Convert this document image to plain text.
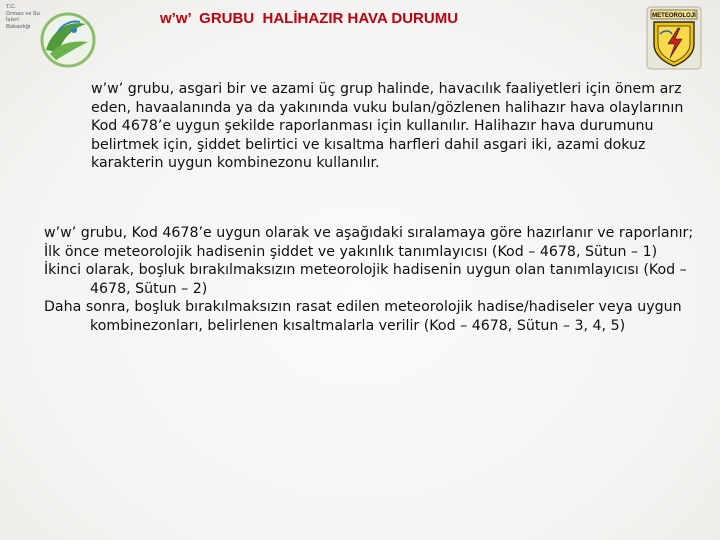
T.C.
Orman ve Su İşleri
Bakanlığı	w’w’  GRUBU  HALİHAZIR HAVA DURUMU	METEOROLOJİ

w’w’ grubu, asgari bir ve azami üç grup halinde, havacılık faaliyetleri için önem arz eden, havaalanında ya da yakınında vuku bulan/gözlenen halihazır hava olaylarının Kod 4678’e uygun şekilde raporlanması için kullanılır. Halihazır hava durumunu belirtmek için, şiddet belirtici ve kısaltma harfleri dahil asgari iki, azami dokuz karakterin uygun kombinezonu kullanılır.

w’w’ grubu, Kod 4678’e uygun olarak ve aşağıdaki sıralamaya göre hazırlanır ve raporlanır;
İlk önce meteorolojik hadisenin şiddet ve yakınlık tanımlayıcısı (Kod – 4678, Sütun – 1)
İkinci olarak, boşluk bırakılmaksızın meteorolojik hadisenin uygun olan tanımlayıcısı (Kod – 4678, Sütun – 2)
Daha sonra, boşluk bırakılmaksızın rasat edilen meteorolojik hadise/hadiseler veya uygun kombinezonları, belirlenen kısaltmalarla verilir (Kod – 4678, Sütun – 3, 4, 5)
